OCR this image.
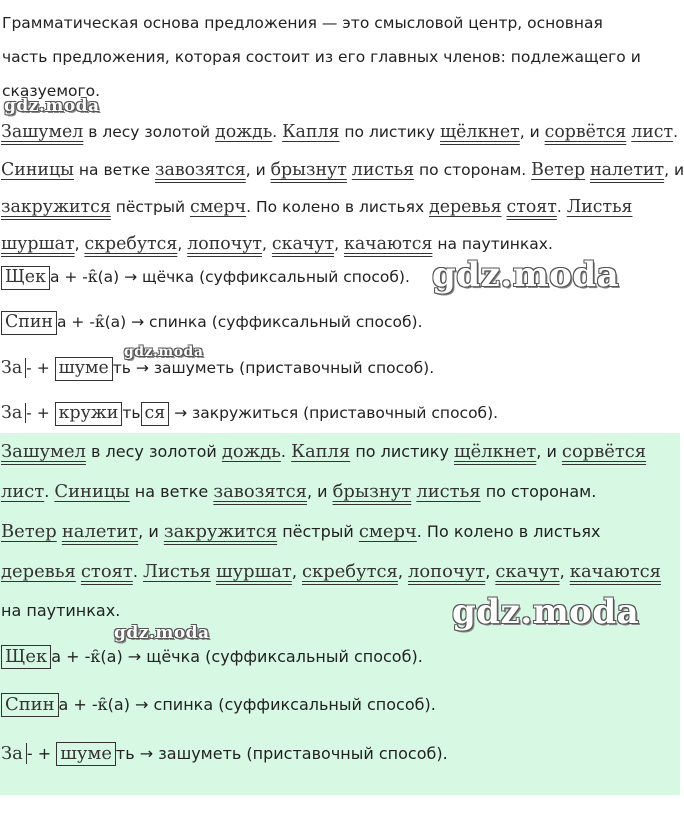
Грамматическая основа предложения — это смысловой центр, основная
часть предложения, которая состоит из его главных членов: подлежащего и
сказуемого.
Зашумел в лесу золотой дождь. Капля по листику щёлкнет, и сорвётся лист.
Синицы на ветке завозятся, и брызнут листья по сторонам. Ветер налетит, и
закружится пёстрый смерч. По колено в листьях деревья стоят. Листья
шуршат, скребутся, лопочут, скачут, качаются на паутинках.
Щек а + -к̑(а) → щёчка (суффиксальный способ).
Спин а + -к̑(а) → спинка (суффиксальный способ).
За - + шуме ть → зашуметь (приставочный способ).
За - + кружи ть ся → закружиться (приставочный способ).
Зашумел в лесу золотой дождь. Капля по листику щёлкнет, и сорвётся
лист. Синицы на ветке завозятся, и брызнут листья по сторонам.
Ветер налетит, и закружится пёстрый смерч. По колено в листьях
деревья стоят. Листья шуршат, скребутся, лопочут, скачут, качаются
на паутинках.
Щек а + -к̑(а) → щёчка (суффиксальный способ).
Спин а + -к̑(а) → спинка (суффиксальный способ).
За - + шуме ть → зашуметь (приставочный способ).
gdz.moda
gdz.moda
gdz.moda
gdz.moda
gdz.moda
